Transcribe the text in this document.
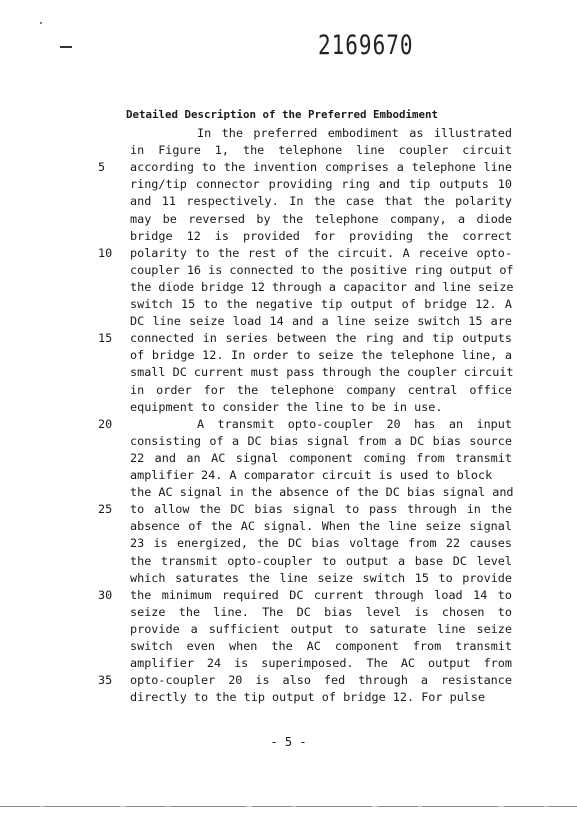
2169670
Detailed Description of the Preferred Embodiment
In the preferred embodiment as illustrated
in Figure 1, the telephone line coupler circuit
according to the invention comprises a telephone line
5
ring/tip connector providing ring and tip outputs 10
and 11 respectively. In the case that the polarity
may be reversed by the telephone company, a diode
bridge 12 is provided for providing the correct
polarity to the rest of the circuit. A receive opto-
10
coupler 16 is connected to the positive ring output of
the diode bridge 12 through a capacitor and line seize
switch 15 to the negative tip output of bridge 12. A
DC line seize load 14 and a line seize switch 15 are
connected in series between the ring and tip outputs
15
of bridge 12. In order to seize the telephone line, a
small DC current must pass through the coupler circuit
in order for the telephone company central office
equipment to consider the line to be in use.
A transmit opto-coupler 20 has an input
20
consisting of a DC bias signal from a DC bias source
22 and an AC signal component coming from transmit
amplifier 24. A comparator circuit is used to block
the AC signal in the absence of the DC bias signal and
to allow the DC bias signal to pass through in the
25
absence of the AC signal. When the line seize signal
23 is energized, the DC bias voltage from 22 causes
the transmit opto-coupler to output a base DC level
which saturates the line seize switch 15 to provide
the minimum required DC current through load 14 to
30
seize the line. The DC bias level is chosen to
provide a sufficient output to saturate line seize
switch even when the AC component from transmit
amplifier 24 is superimposed. The AC output from
opto-coupler 20 is also fed through a resistance
35
directly to the tip output of bridge 12. For pulse
- 5 -
